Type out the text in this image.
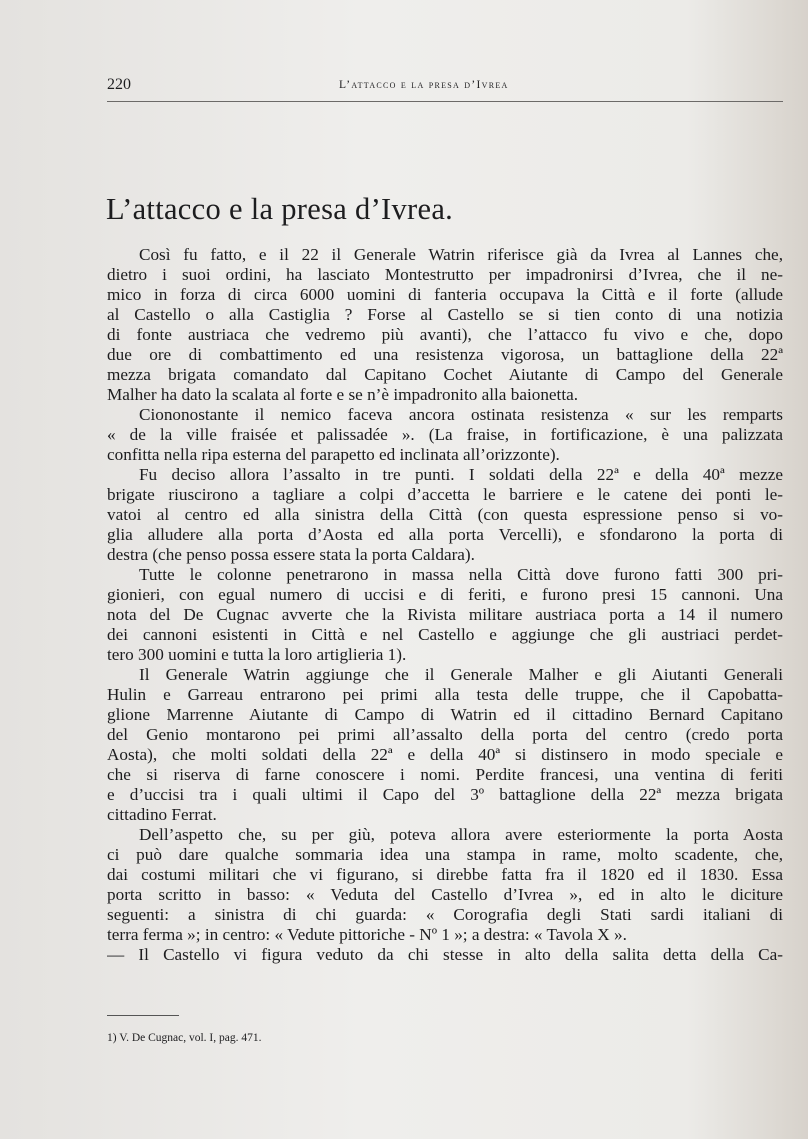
220	L’attacco e la presa d’Ivrea
L’attacco e la presa d’Ivrea.
Così fu fatto, e il 22 il Generale Watrin riferisce già da Ivrea al Lannes che,
dietro i suoi ordini, ha lasciato Montestrutto per impadronirsi d’Ivrea, che il ne-
mico in forza di circa 6000 uomini di fanteria occupava la Città e il forte (allude
al Castello o alla Castiglia ? Forse al Castello se si tien conto di una notizia
di fonte austriaca che vedremo più avanti), che l’attacco fu vivo e che, dopo
due ore di combattimento ed una resistenza vigorosa, un battaglione della 22ª
mezza brigata comandato dal Capitano Cochet Aiutante di Campo del Generale
Malher ha dato la scalata al forte e se n’è impadronito alla baionetta.
Ciononostante il nemico faceva ancora ostinata resistenza « sur les remparts
« de la ville fraisée et palissadée ». (La fraise, in fortificazione, è una palizzata
confitta nella ripa esterna del parapetto ed inclinata all’orizzonte).
Fu deciso allora l’assalto in tre punti. I soldati della 22ª e della 40ª mezze
brigate riuscirono a tagliare a colpi d’accetta le barriere e le catene dei ponti le-
vatoi al centro ed alla sinistra della Città (con questa espressione penso si vo-
glia alludere alla porta d’Aosta ed alla porta Vercelli), e sfondarono la porta di
destra (che penso possa essere stata la porta Caldara).
Tutte le colonne penetrarono in massa nella Città dove furono fatti 300 pri-
gionieri, con egual numero di uccisi e di feriti, e furono presi 15 cannoni. Una
nota del De Cugnac avverte che la Rivista militare austriaca porta a 14 il numero
dei cannoni esistenti in Città e nel Castello e aggiunge che gli austriaci perdet-
tero 300 uomini e tutta la loro artiglieria 1).
Il Generale Watrin aggiunge che il Generale Malher e gli Aiutanti Generali
Hulin e Garreau entrarono pei primi alla testa delle truppe, che il Capobatta-
glione Marrenne Aiutante di Campo di Watrin ed il cittadino Bernard Capitano
del Genio montarono pei primi all’assalto della porta del centro (credo porta
Aosta), che molti soldati della 22ª e della 40ª si distinsero in modo speciale e
che si riserva di farne conoscere i nomi. Perdite francesi, una ventina di feriti
e d’uccisi tra i quali ultimi il Capo del 3º battaglione della 22ª mezza brigata
cittadino Ferrat.
Dell’aspetto che, su per giù, poteva allora avere esteriormente la porta Aosta
ci può dare qualche sommaria idea una stampa in rame, molto scadente, che,
dai costumi militari che vi figurano, si direbbe fatta fra il 1820 ed il 1830. Essa
porta scritto in basso: « Veduta del Castello d’Ivrea », ed in alto le diciture
seguenti: a sinistra di chi guarda: « Corografia degli Stati sardi italiani di
terra ferma »; in centro: « Vedute pittoriche - Nº 1 »; a destra: « Tavola X ».
— Il Castello vi figura veduto da chi stesse in alto della salita detta della Ca-
1) V. De Cugnac, vol. I, pag. 471.
